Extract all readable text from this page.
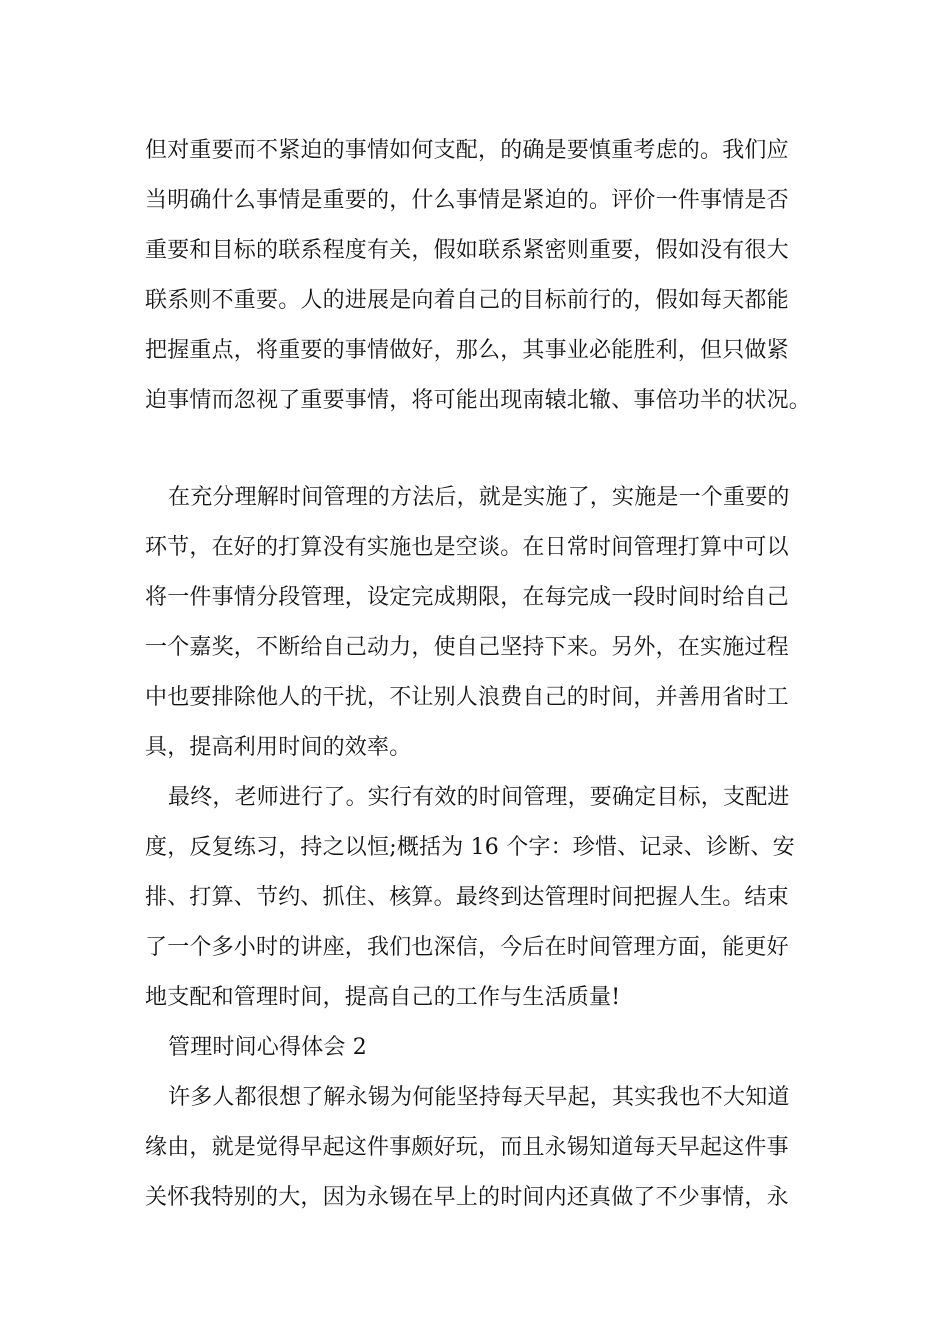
但对重要而不紧迫的事情如何支配，的确是要慎重考虑的。我们应
当明确什么事情是重要的，什么事情是紧迫的。评价一件事情是否
重要和目标的联系程度有关，假如联系紧密则重要，假如没有很大
联系则不重要。人的进展是向着自己的目标前行的，假如每天都能
把握重点，将重要的事情做好，那么，其事业必能胜利，但只做紧
迫事情而忽视了重要事情，将可能出现南辕北辙、事倍功半的状况。
在充分理解时间管理的方法后，就是实施了，实施是一个重要的
环节，在好的打算没有实施也是空谈。在日常时间管理打算中可以
将一件事情分段管理，设定完成期限，在每完成一段时间时给自己
一个嘉奖，不断给自己动力，使自己坚持下来。另外，在实施过程
中也要排除他人的干扰，不让别人浪费自己的时间，并善用省时工
具，提高利用时间的效率。
最终，老师进行了。实行有效的时间管理，要确定目标，支配进
度，反复练习，持之以恒;概括为 16 个字：珍惜、记录、诊断、安
排、打算、节约、抓住、核算。最终到达管理时间把握人生。结束
了一个多小时的讲座，我们也深信，今后在时间管理方面，能更好
地支配和管理时间，提高自己的工作与生活质量!
管理时间心得体会 2
许多人都很想了解永锡为何能坚持每天早起，其实我也不大知道
缘由，就是觉得早起这件事颇好玩，而且永锡知道每天早起这件事
关怀我特别的大，因为永锡在早上的时间内还真做了不少事情，永
